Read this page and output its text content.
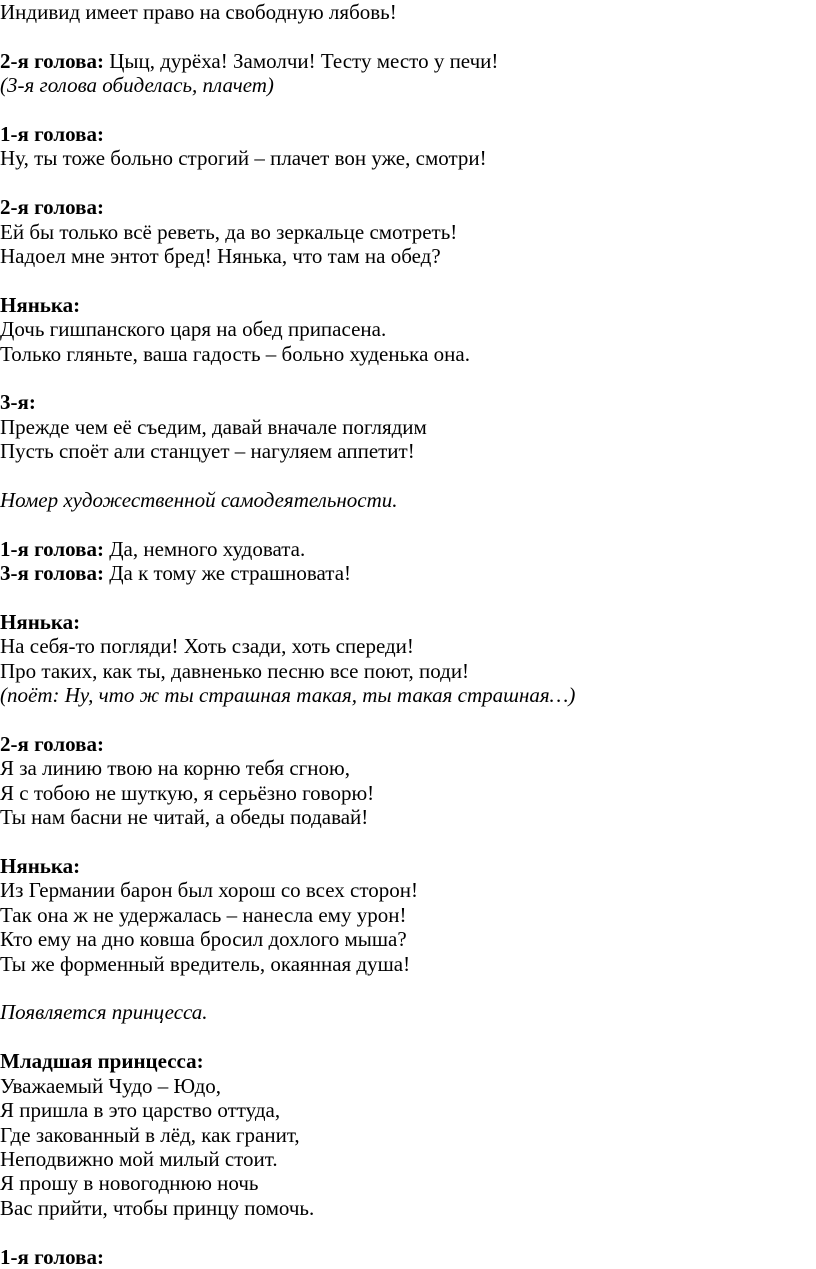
Индивид имеет право на свободную лябовь!
2-я голова: Цыц, дурёха! Замолчи! Тесту место у печи!
(3-я голова обиделась, плачет)
1-я голова:
Ну, ты тоже больно строгий – плачет вон уже, смотри!
2-я голова:
Ей бы только всё реветь, да во зеркальце смотреть!
Надоел мне энтот бред! Нянька, что там на обед?
Нянька:
Дочь гишпанского царя на обед припасена.
Только гляньте, ваша гадость – больно худенька она.
3-я:
Прежде чем её съедим, давай вначале поглядим
Пусть споёт али станцует – нагуляем аппетит!
Номер художественной самодеятельности.
1-я голова: Да, немного худовата.
3-я голова: Да к тому же страшновата!
Нянька:
На себя-то погляди! Хоть сзади, хоть спереди!
Про таких, как ты, давненько песню все поют, поди!
(поёт: Ну, что ж ты страшная такая, ты такая страшная…)
2-я голова:
Я за линию твою на корню тебя сгною,
Я с тобою не шуткую, я серьёзно говорю!
Ты нам басни не читай, а обеды подавай!
Нянька:
Из Германии барон был хорош со всех сторон!
Так она ж не удержалась – нанесла ему урон!
Кто ему на дно ковша бросил дохлого мыша?
Ты же форменный вредитель, окаянная душа!
Появляется принцесса.
Младшая принцесса:
Уважаемый Чудо – Юдо,
Я пришла в это царство оттуда,
Где закованный в лёд, как гранит,
Неподвижно мой милый стоит.
Я прошу в новогоднюю ночь
Вас прийти, чтобы принцу помочь.
1-я голова:
